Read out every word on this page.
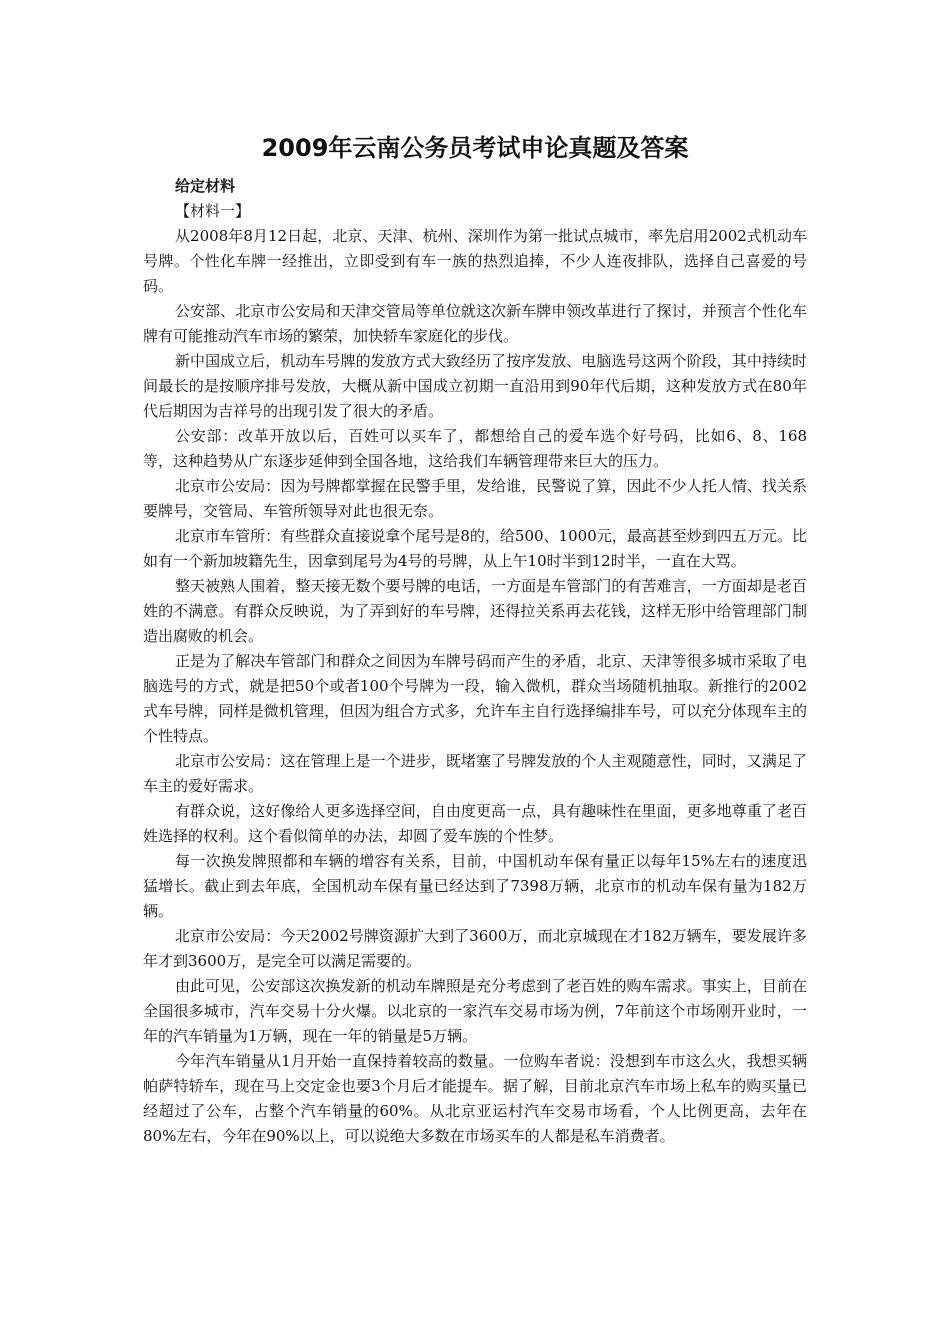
2009年云南公务员考试申论真题及答案
给定材料
【材料一】

从2008年8月12日起，北京、天津、杭州、深圳作为第一批试点城市，率先启用2002式机动车号牌。个性化车牌一经推出，立即受到有车一族的热烈追捧，不少人连夜排队，选择自己喜爱的号码。

公安部、北京市公安局和天津交管局等单位就这次新车牌申领改革进行了探讨，并预言个性化车牌有可能推动汽车市场的繁荣，加快轿车家庭化的步伐。

新中国成立后，机动车号牌的发放方式大致经历了按序发放、电脑选号这两个阶段，其中持续时间最长的是按顺序排号发放，大概从新中国成立初期一直沿用到90年代后期，这种发放方式在80年代后期因为吉祥号的出现引发了很大的矛盾。

公安部：改革开放以后，百姓可以买车了，都想给自己的爱车选个好号码，比如6、8、168等，这种趋势从广东逐步延伸到全国各地，这给我们车辆管理带来巨大的压力。

北京市公安局：因为号牌都掌握在民警手里，发给谁，民警说了算，因此不少人托人情、找关系要牌号，交管局、车管所领导对此也很无奈。

北京市车管所：有些群众直接说拿个尾号是8的，给500、1000元，最高甚至炒到四五万元。比如有一个新加坡籍先生，因拿到尾号为4号的号牌，从上午10时半到12时半，一直在大骂。

整天被熟人围着，整天接无数个要号牌的电话，一方面是车管部门的有苦难言，一方面却是老百姓的不满意。有群众反映说，为了弄到好的车号牌，还得拉关系再去花钱，这样无形中给管理部门制造出腐败的机会。

正是为了解决车管部门和群众之间因为车牌号码而产生的矛盾，北京、天津等很多城市采取了电脑选号的方式，就是把50个或者100个号牌为一段，输入微机，群众当场随机抽取。新推行的2002式车号牌，同样是微机管理，但因为组合方式多，允许车主自行选择编排车号，可以充分体现车主的个性特点。

北京市公安局：这在管理上是一个进步，既堵塞了号牌发放的个人主观随意性，同时，又满足了车主的爱好需求。

有群众说，这好像给人更多选择空间，自由度更高一点，具有趣味性在里面，更多地尊重了老百姓选择的权利。这个看似简单的办法，却圆了爱车族的个性梦。

每一次换发牌照都和车辆的增容有关系，目前，中国机动车保有量正以每年15%左右的速度迅猛增长。截止到去年底，全国机动车保有量已经达到了7398万辆，北京市的机动车保有量为182万辆。

北京市公安局：今天2002号牌资源扩大到了3600万，而北京城现在才182万辆车，要发展许多年才到3600万，是完全可以满足需要的。

由此可见，公安部这次换发新的机动车牌照是充分考虑到了老百姓的购车需求。事实上，目前在全国很多城市，汽车交易十分火爆。以北京的一家汽车交易市场为例，7年前这个市场刚开业时，一年的汽车销量为1万辆，现在一年的销量是5万辆。

今年汽车销量从1月开始一直保持着较高的数量。一位购车者说：没想到车市这么火，我想买辆帕萨特轿车，现在马上交定金也要3个月后才能提车。据了解，目前北京汽车市场上私车的购买量已经超过了公车，占整个汽车销量的60%。从北京亚运村汽车交易市场看，个人比例更高，去年在80%左右，今年在90%以上，可以说绝大多数在市场买车的人都是私车消费者。
